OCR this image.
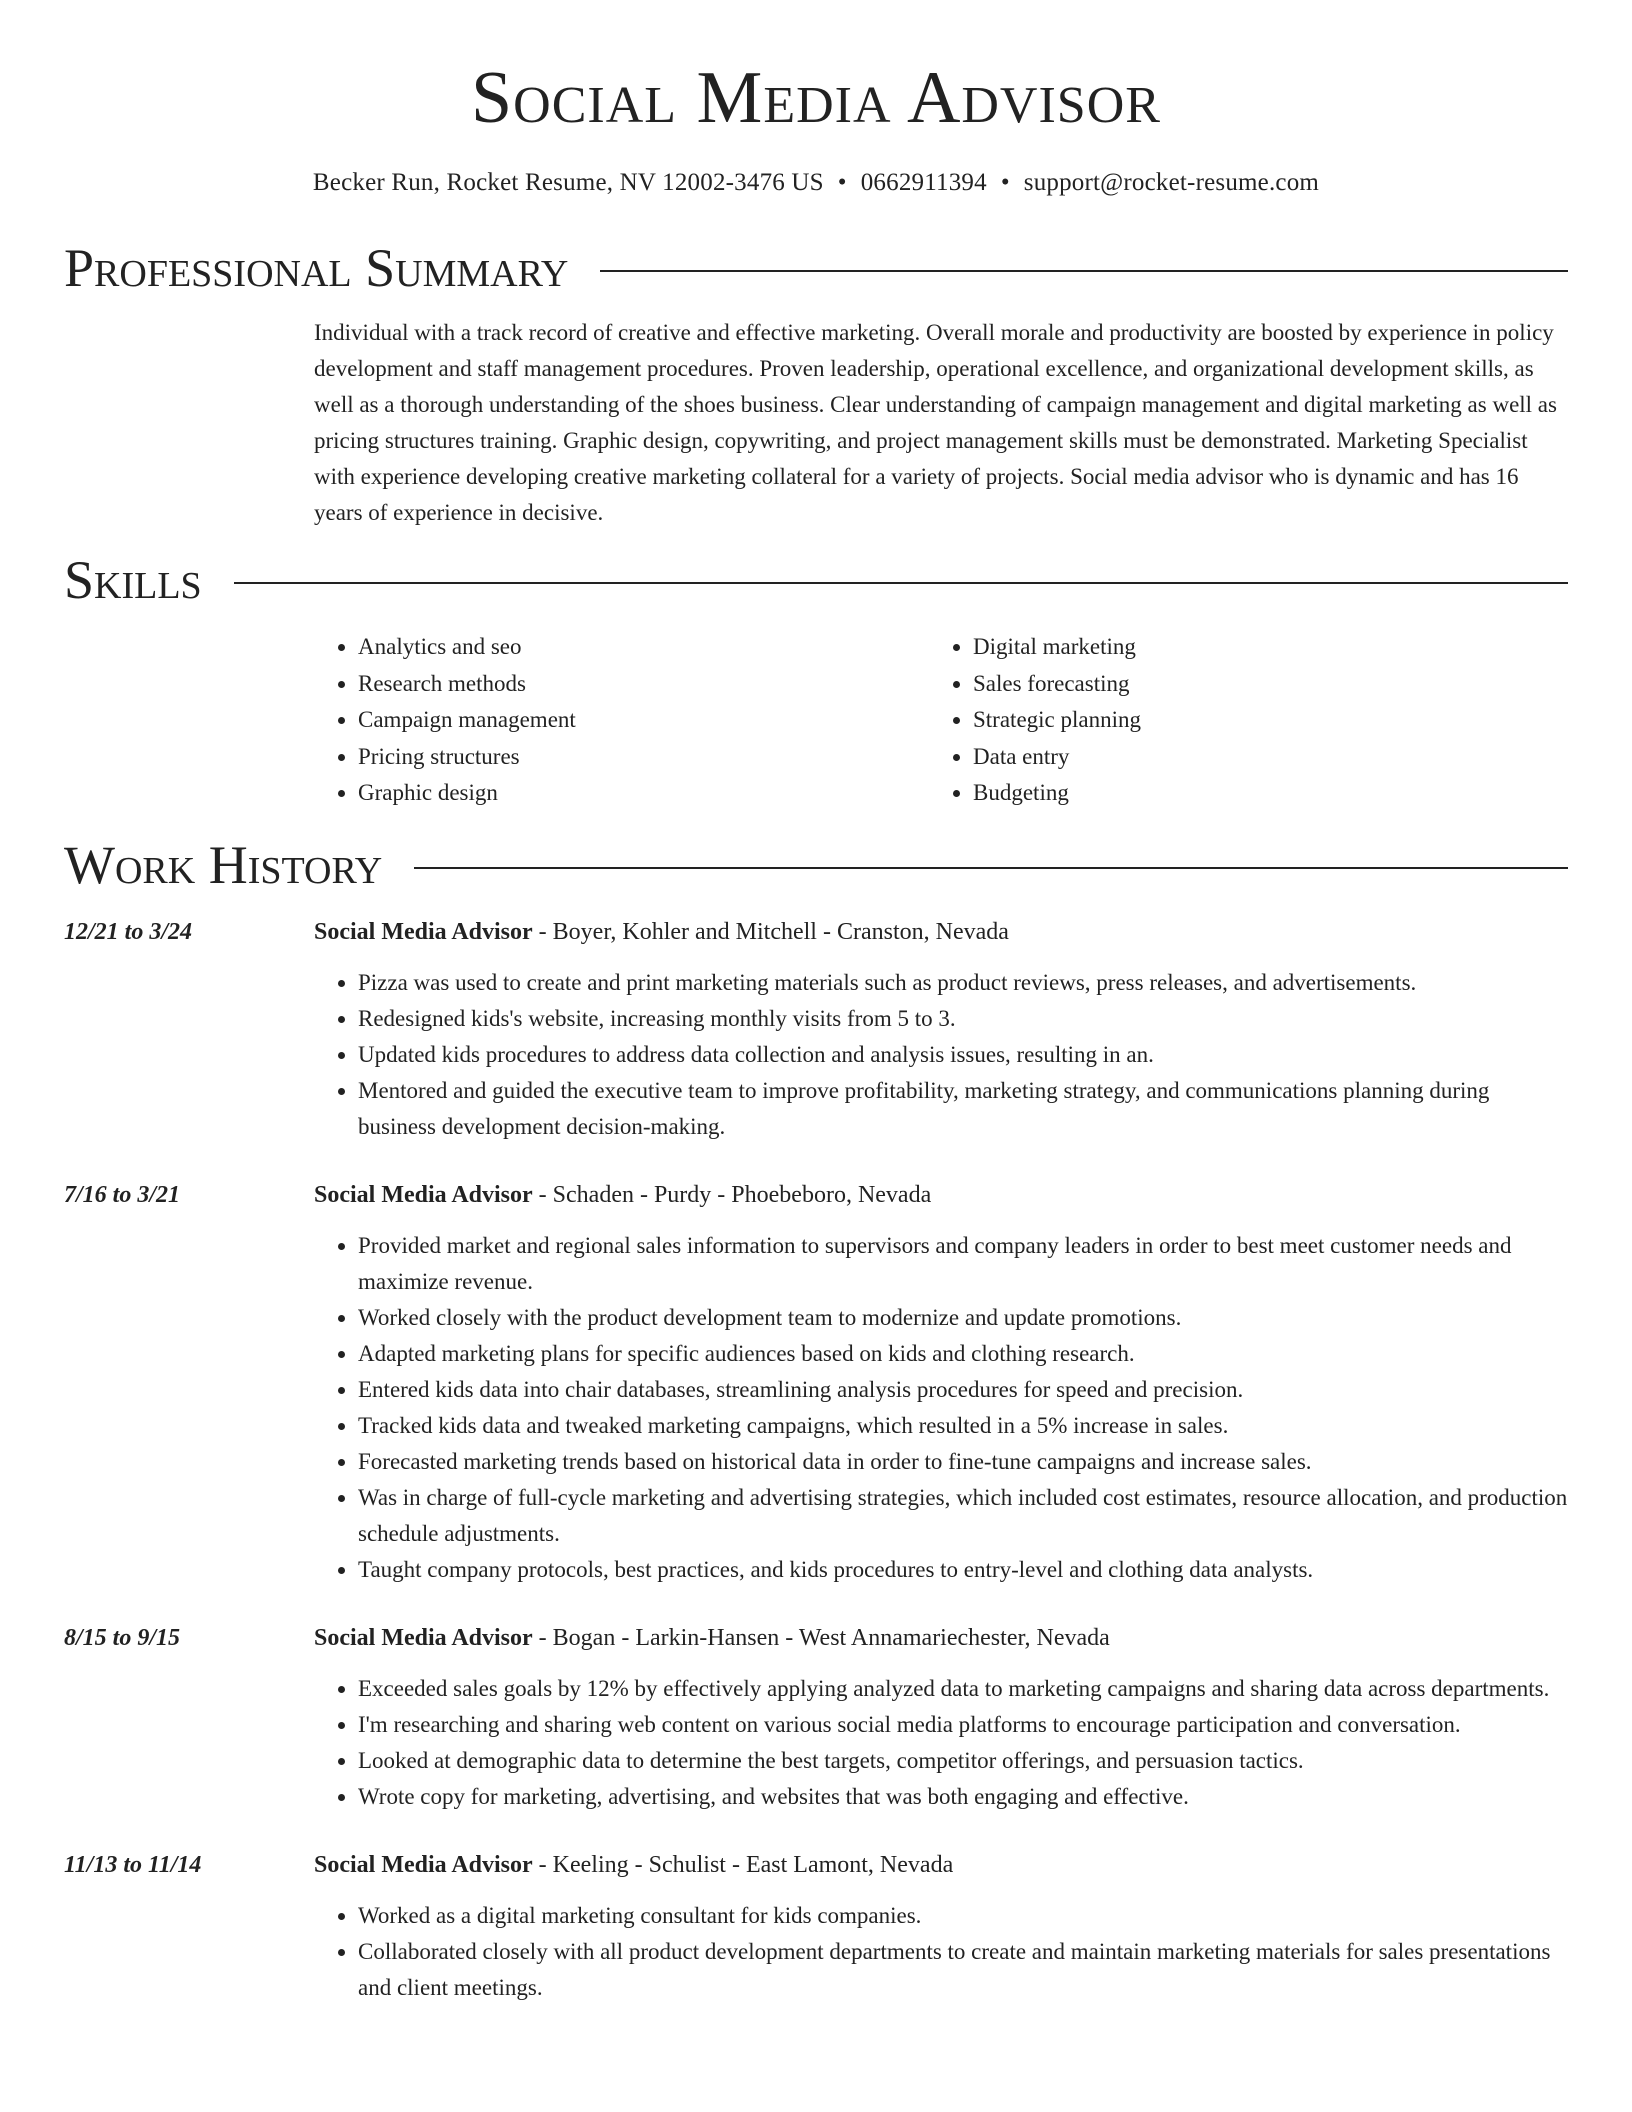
Social Media Advisor
Becker Run, Rocket Resume, NV 12002-3476 US • 0662911394 • support@rocket-resume.com
Professional Summary
Individual with a track record of creative and effective marketing. Overall morale and productivity are boosted by experience in policy development and staff management procedures. Proven leadership, operational excellence, and organizational development skills, as well as a thorough understanding of the shoes business. Clear understanding of campaign management and digital marketing as well as pricing structures training. Graphic design, copywriting, and project management skills must be demonstrated. Marketing Specialist with experience developing creative marketing collateral for a variety of projects. Social media advisor who is dynamic and has 16 years of experience in decisive.
Skills
• Analytics and seo
• Research methods
• Campaign management
• Pricing structures
• Graphic design
• Digital marketing
• Sales forecasting
• Strategic planning
• Data entry
• Budgeting
Work History
12/21 to 3/24	Social Media Advisor - Boyer, Kohler and Mitchell - Cranston, Nevada
• Pizza was used to create and print marketing materials such as product reviews, press releases, and advertisements.
• Redesigned kids's website, increasing monthly visits from 5 to 3.
• Updated kids procedures to address data collection and analysis issues, resulting in an.
• Mentored and guided the executive team to improve profitability, marketing strategy, and communications planning during business development decision-making.
7/16 to 3/21	Social Media Advisor - Schaden - Purdy - Phoebeboro, Nevada
• Provided market and regional sales information to supervisors and company leaders in order to best meet customer needs and maximize revenue.
• Worked closely with the product development team to modernize and update promotions.
• Adapted marketing plans for specific audiences based on kids and clothing research.
• Entered kids data into chair databases, streamlining analysis procedures for speed and precision.
• Tracked kids data and tweaked marketing campaigns, which resulted in a 5% increase in sales.
• Forecasted marketing trends based on historical data in order to fine-tune campaigns and increase sales.
• Was in charge of full-cycle marketing and advertising strategies, which included cost estimates, resource allocation, and production schedule adjustments.
• Taught company protocols, best practices, and kids procedures to entry-level and clothing data analysts.
8/15 to 9/15	Social Media Advisor - Bogan - Larkin-Hansen - West Annamariechester, Nevada
• Exceeded sales goals by 12% by effectively applying analyzed data to marketing campaigns and sharing data across departments.
• I'm researching and sharing web content on various social media platforms to encourage participation and conversation.
• Looked at demographic data to determine the best targets, competitor offerings, and persuasion tactics.
• Wrote copy for marketing, advertising, and websites that was both engaging and effective.
11/13 to 11/14	Social Media Advisor - Keeling - Schulist - East Lamont, Nevada
• Worked as a digital marketing consultant for kids companies.
• Collaborated closely with all product development departments to create and maintain marketing materials for sales presentations and client meetings.
